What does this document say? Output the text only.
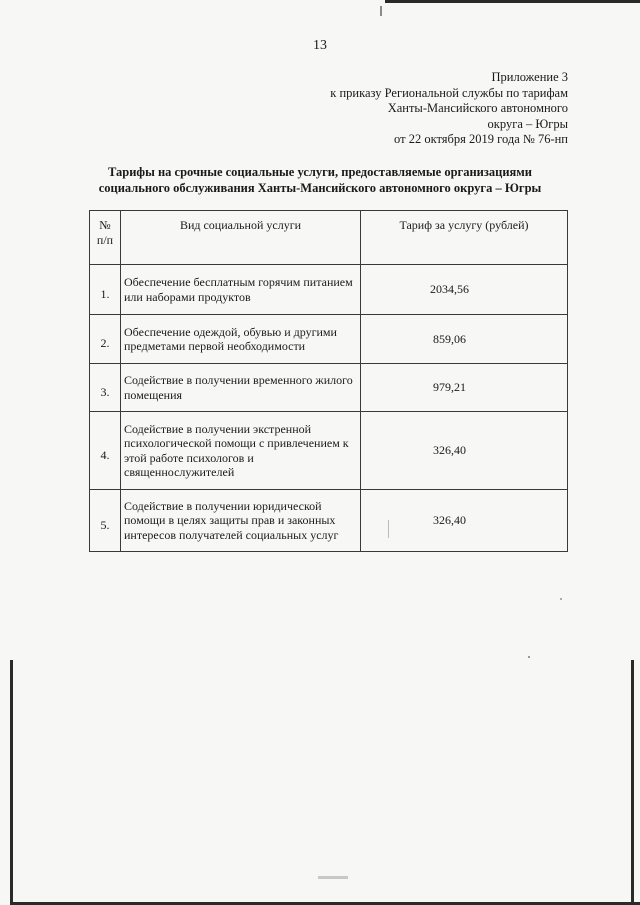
13
Приложение 3
к приказу Региональной службы по тарифам
Ханты-Мансийского автономного
округа – Югры
от 22 октября 2019 года № 76-нп
Тарифы на срочные социальные услуги, предоставляемые организациями
социального обслуживания Ханты-Мансийского автономного округа – Югры
№
п/п	Вид социальной услуги	Тариф за услугу (рублей)
1.	Обеспечение бесплатным горячим питанием или наборами продуктов	2034,56
2.	Обеспечение одеждой, обувью и другими предметами первой необходимости	859,06
3.	Содействие в получении временного жилого помещения	979,21
4.	Содействие в получении экстренной психологической помощи с привлечением к этой работе психологов и священнослужителей	326,40
5.	Содействие в получении юридической помощи в целях защиты прав и законных интересов получателей социальных услуг	326,40
